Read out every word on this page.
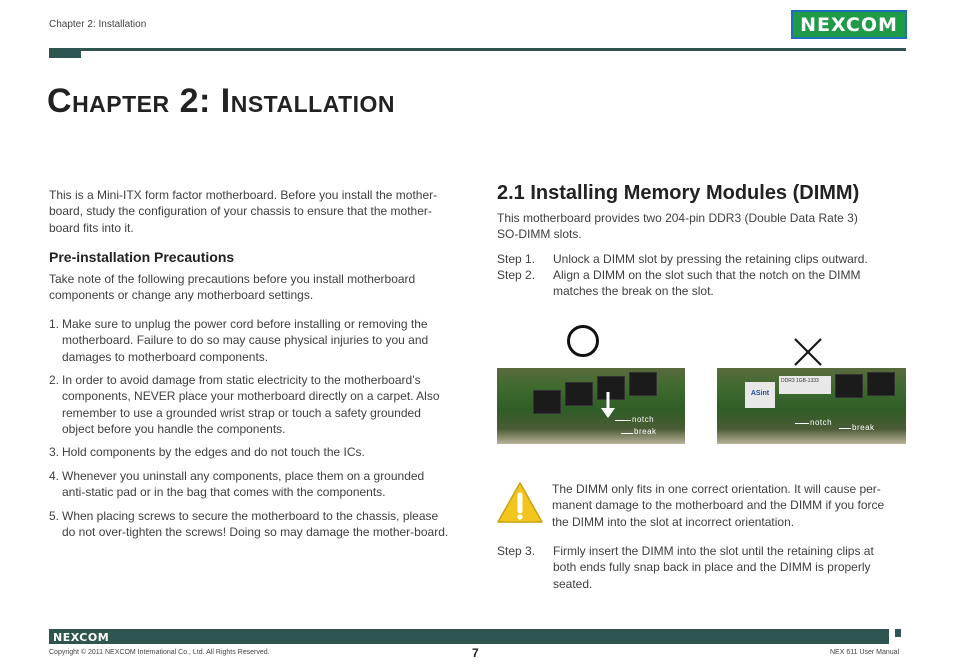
Chapter 2: Installation	NEXCOM
CHAPTER 2: INSTALLATION
This is a Mini-ITX form factor motherboard. Before you install the mother-board, study the configuration of your chassis to ensure that the mother-board fits into it.
Pre-installation Precautions
Take note of the following precautions before you install motherboard components or change any motherboard settings.
1. Make sure to unplug the power cord before installing or removing the motherboard. Failure to do so may cause physical injuries to you and damages to motherboard components.
2. In order to avoid damage from static electricity to the motherboard’s components, NEVER place your motherboard directly on a carpet. Also remember to use a grounded wrist strap or touch a safety grounded object before you handle the components.
3. Hold components by the edges and do not touch the ICs.
4. Whenever you uninstall any components, place them on a grounded anti-static pad or in the bag that comes with the components.
5. When placing screws to secure the motherboard to the chassis, please do not over-tighten the screws! Doing so may damage the mother-board.
2.1 Installing Memory Modules (DIMM)
This motherboard provides two 204-pin DDR3 (Double Data Rate 3) SO-DIMM slots.
Step 1.	Unlock a DIMM slot by pressing the retaining clips outward.
Step 2.	Align a DIMM on the slot such that the notch on the DIMM matches the break on the slot.
notch
break
ASint
DDR3 1GB-1333
notch
break
The DIMM only fits in one correct orientation. It will cause per-manent damage to the motherboard and the DIMM if you force the DIMM into the slot at incorrect orientation.
Step 3.	Firmly insert the DIMM into the slot until the retaining clips at both ends fully snap back in place and the DIMM is properly seated.
NEXCOM
Copyright © 2011 NEXCOM International Co., Ltd. All Rights Reserved.	7	NEX 611 User Manual
